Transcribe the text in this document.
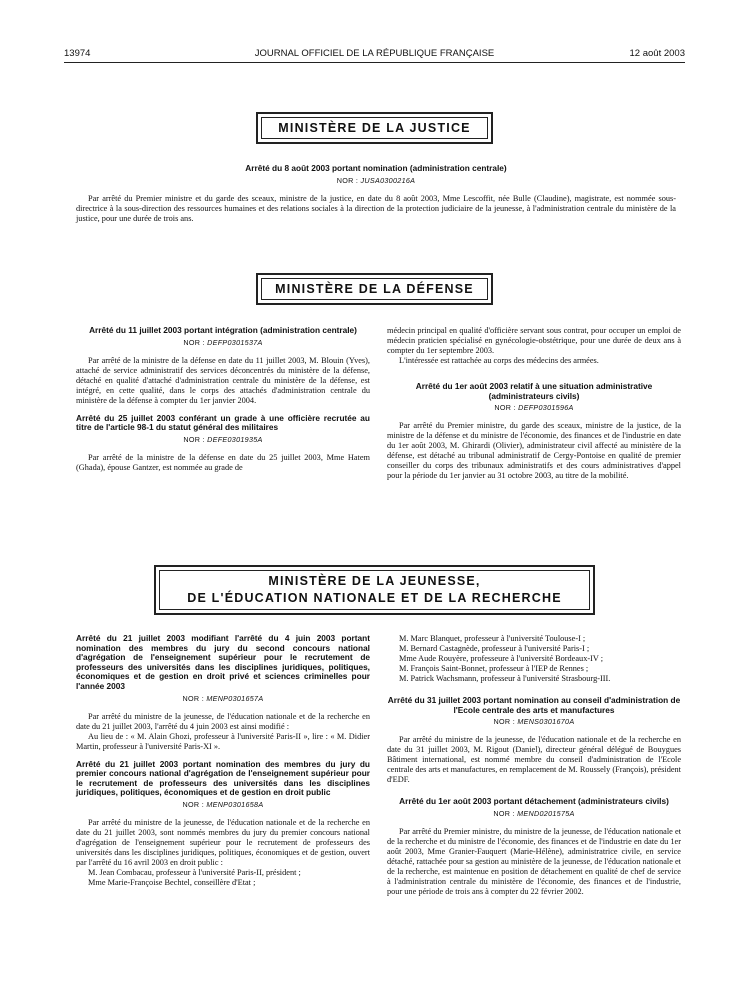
13974	JOURNAL OFFICIEL DE LA RÉPUBLIQUE FRANÇAISE	12 août 2003
MINISTÈRE DE LA JUSTICE
Arrêté du 8 août 2003 portant nomination (administration centrale)
NOR : JUSA0300216A

Par arrêté du Premier ministre et du garde des sceaux, ministre de la justice, en date du 8 août 2003, Mme Lescoffit, née Bulle (Claudine), magistrate, est nommée sous-directrice à la sous-direction des ressources humaines et des relations sociales à la direction de la protection judiciaire de la jeunesse, à l'administration centrale du ministère de la justice, pour une durée de trois ans.

MINISTÈRE DE LA DÉFENSE
Arrêté du 11 juillet 2003 portant intégration (administration centrale)
NOR : DEFP0301537A

Par arrêté de la ministre de la défense en date du 11 juillet 2003, M. Blouin (Yves), attaché de service administratif des services déconcentrés du ministère de la défense, détaché en qualité d'attaché d'administration centrale du ministère de la défense, est intégré, en cette qualité, dans le corps des attachés d'administration centrale du ministère de la défense à compter du 1er janvier 2004.

Arrêté du 25 juillet 2003 conférant un grade à une officière recrutée au titre de l'article 98-1 du statut général des militaires
NOR : DEFE0301935A

Par arrêté de la ministre de la défense en date du 25 juillet 2003, Mme Hatem (Ghada), épouse Gantzer, est nommée au grade de

médecin principal en qualité d'officière servant sous contrat, pour occuper un emploi de médecin praticien spécialisé en gynécologie-obstétrique, pour une durée de deux ans à compter du 1er septembre 2003.

L'intéressée est rattachée au corps des médecins des armées.

Arrêté du 1er août 2003 relatif à une situation administrative (administrateurs civils)
NOR : DEFP0301596A

Par arrêté du Premier ministre, du garde des sceaux, ministre de la justice, de la ministre de la défense et du ministre de l'économie, des finances et de l'industrie en date du 1er août 2003, M. Ghirardi (Olivier), administrateur civil affecté au ministère de la défense, est détaché au tribunal administratif de Cergy-Pontoise en qualité de premier conseiller du corps des tribunaux administratifs et des cours administratives d'appel pour la période du 1er janvier au 31 octobre 2003, au titre de la mobilité.

MINISTÈRE DE LA JEUNESSE,
DE L'ÉDUCATION NATIONALE ET DE LA RECHERCHE
Arrêté du 21 juillet 2003 modifiant l'arrêté du 4 juin 2003 portant nomination des membres du jury du second concours national d'agrégation de l'enseignement supérieur pour le recrutement de professeurs des universités dans les disciplines juridiques, politiques, économiques et de gestion en droit privé et sciences criminelles pour l'année 2003
NOR : MENP0301657A

Par arrêté du ministre de la jeunesse, de l'éducation nationale et de la recherche en date du 21 juillet 2003, l'arrêté du 4 juin 2003 est ainsi modifié :

Au lieu de : « M. Alain Ghozi, professeur à l'université Paris-II », lire : « M. Didier Martin, professeur à l'université Paris-XI ».

Arrêté du 21 juillet 2003 portant nomination des membres du jury du premier concours national d'agrégation de l'enseignement supérieur pour le recrutement de professeurs des universités dans les disciplines juridiques, politiques, économiques et de gestion en droit public
NOR : MENP0301658A

Par arrêté du ministre de la jeunesse, de l'éducation nationale et de la recherche en date du 21 juillet 2003, sont nommés membres du jury du premier concours national d'agrégation de l'enseignement supérieur pour le recrutement de professeurs des universités dans les disciplines juridiques, politiques, économiques et de gestion, ouvert par l'arrêté du 16 avril 2003 en droit public :

M. Jean Combacau, professeur à l'université Paris-II, président ;

Mme Marie-Françoise Bechtel, conseillère d'Etat ;

M. Marc Blanquet, professeur à l'université Toulouse-I ;

M. Bernard Castagnède, professeur à l'université Paris-I ;

Mme Aude Rouyère, professeure à l'université Bordeaux-IV ;

M. François Saint-Bonnet, professeur à l'IEP de Rennes ;

M. Patrick Wachsmann, professeur à l'université Strasbourg-III.

Arrêté du 31 juillet 2003 portant nomination au conseil d'administration de l'Ecole centrale des arts et manufactures
NOR : MENS0301670A

Par arrêté du ministre de la jeunesse, de l'éducation nationale et de la recherche en date du 31 juillet 2003, M. Rigout (Daniel), directeur général délégué de Bouygues Bâtiment international, est nommé membre du conseil d'administration de l'Ecole centrale des arts et manufactures, en remplacement de M. Roussely (François), président d'EDF.

Arrêté du 1er août 2003 portant détachement (administrateurs civils)
NOR : MEND0201575A

Par arrêté du Premier ministre, du ministre de la jeunesse, de l'éducation nationale et de la recherche et du ministre de l'économie, des finances et de l'industrie en date du 1er août 2003, Mme Granier-Fauquert (Marie-Hélène), administratrice civile, en service détaché, rattachée pour sa gestion au ministère de la jeunesse, de l'éducation nationale et de la recherche, est maintenue en position de détachement en qualité de chef de service à l'administration centrale du ministère de l'économie, des finances et de l'industrie, pour une période de trois ans à compter du 22 février 2002.
